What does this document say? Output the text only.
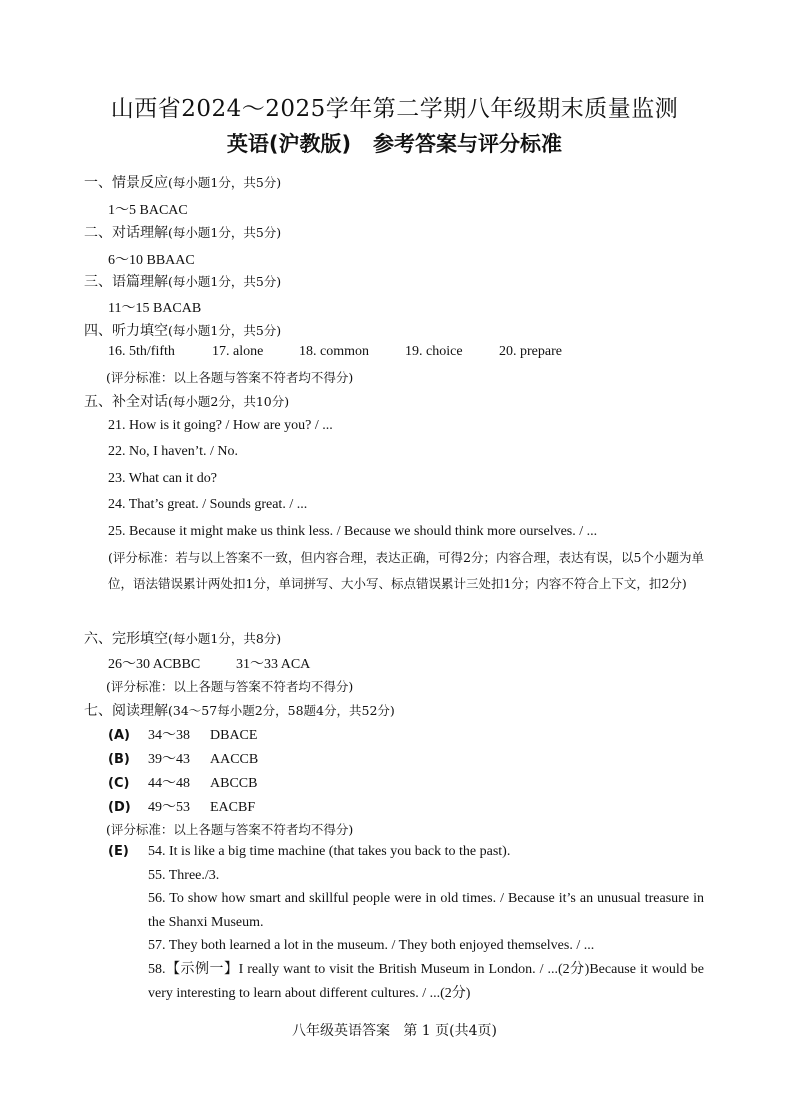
山西省2024～2025学年第二学期八年级期末质量监测
英语(沪教版)   参考答案与评分标准
一、情景反应(每小题1分，共5分)
1～5 BACAC
二、对话理解(每小题1分，共5分)
6～10 BBAAC
三、语篇理解(每小题1分，共5分)
11～15 BACAB
四、听力填空(每小题1分，共5分)
16. 5th/fifth	17. alone	18. common	19. choice	20. prepare
(评分标准：以上各题与答案不符者均不得分)
五、补全对话(每小题2分，共10分)
21. How is it going? / How are you? / ...
22. No, I haven’t. / No.
23. What can it do?
24. That’s great. / Sounds great. / ...
25. Because it might make us think less. / Because we should think more ourselves. / ...
(评分标准：若与以上答案不一致，但内容合理，表达正确，可得2分；内容合理，表达有误，以5个小题为单位，语法错误累计两处扣1分，单词拼写、大小写、标点错误累计三处扣1分；内容不符合上下文，扣2分)
六、完形填空(每小题1分，共8分)
26～30 ACBBC	31～33 ACA
(评分标准：以上各题与答案不符者均不得分)
七、阅读理解(34～57每小题2分，58题4分，共52分)
(A) 34～38 DBACE
(B) 39～43 AACCB
(C) 44～48 ABCCB
(D) 49～53 EACBF
(评分标准：以上各题与答案不符者均不得分)
(E) 54. It is like a big time machine (that takes you back to the past).
55. Three./3.
56. To show how smart and skillful people were in old times. / Because it’s an unusual treasure in the Shanxi Museum.
57. They both learned a lot in the museum. / They both enjoyed themselves. / ...
58.【示例一】I really want to visit the British Museum in London. / ...(2分)Because it would be very interesting to learn about different cultures. / ...(2分)
八年级英语答案   第 1 页(共4页)
